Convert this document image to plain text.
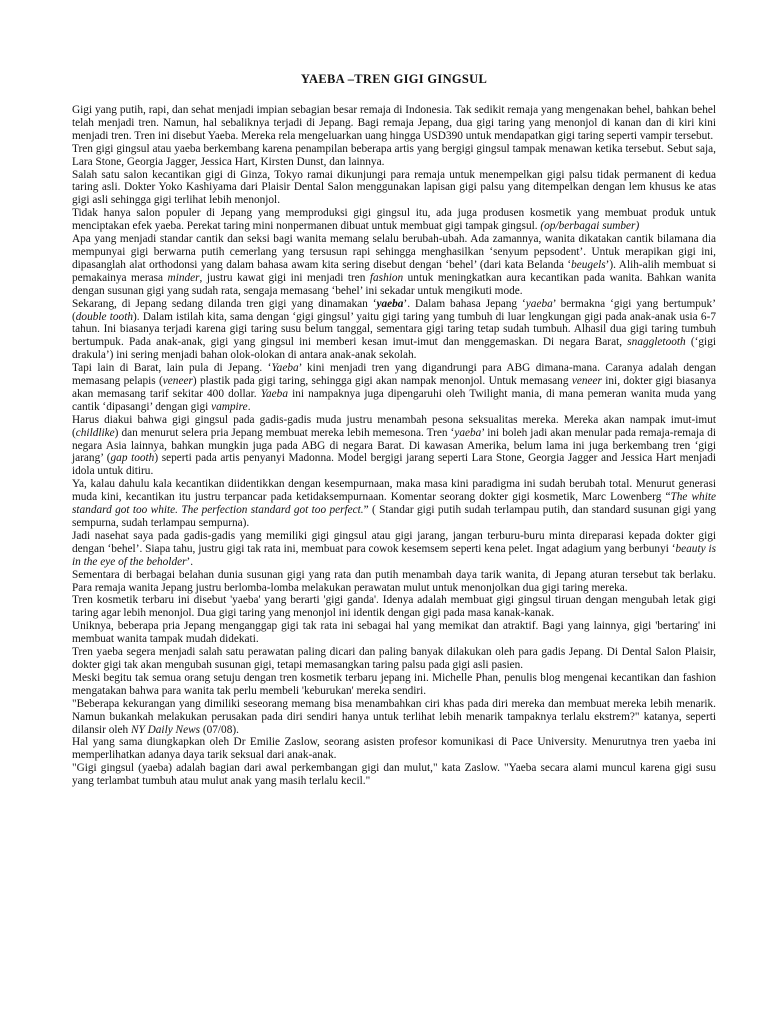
YAEBA –TREN GIGI GINGSUL

Gigi yang putih, rapi, dan sehat menjadi impian sebagian besar remaja di Indonesia. Tak sedikit remaja yang mengenakan behel, bahkan behel telah menjadi tren. Namun, hal sebaliknya terjadi di Jepang. Bagi remaja Jepang, dua gigi taring yang menonjol di kanan dan di kiri kini menjadi tren. Tren ini disebut Yaeba. Mereka rela mengeluarkan uang hingga USD390 untuk mendapatkan gigi taring seperti vampir tersebut.

Tren gigi gingsul atau yaeba berkembang karena penampilan beberapa artis yang bergigi gingsul tampak menawan ketika tersebut. Sebut saja, Lara Stone, Georgia Jagger, Jessica Hart, Kirsten Dunst, dan lainnya.

Salah satu salon kecantikan gigi di Ginza, Tokyo ramai dikunjungi para remaja untuk menempelkan gigi palsu tidak permanent di kedua taring asli. Dokter Yoko Kashiyama dari Plaisir Dental Salon menggunakan lapisan gigi palsu yang ditempelkan dengan lem khusus ke atas gigi asli sehingga gigi terlihat lebih menonjol.

Tidak hanya salon populer di Jepang yang memproduksi gigi gingsul itu, ada juga produsen kosmetik yang membuat produk untuk menciptakan efek yaeba. Perekat taring mini nonpermanen dibuat untuk membuat gigi tampak gingsul. (op/berbagai sumber)

Apa yang menjadi standar cantik dan seksi bagi wanita memang selalu berubah-ubah. Ada zamannya, wanita dikatakan cantik bilamana dia mempunyai gigi berwarna putih cemerlang yang tersusun rapi sehingga menghasilkan ‘senyum pepsodent’. Untuk merapikan gigi ini, dipasanglah alat orthodonsi yang dalam bahasa awam kita sering disebut dengan ‘behel’ (dari kata Belanda ‘beugels’). Alih-alih membuat si pemakainya merasa minder, justru kawat gigi ini menjadi tren fashion untuk meningkatkan aura kecantikan pada wanita. Bahkan wanita dengan susunan gigi yang sudah rata, sengaja memasang ‘behel’ ini sekadar untuk mengikuti mode.

Sekarang, di Jepang sedang dilanda tren gigi yang dinamakan ‘yaeba’. Dalam bahasa Jepang ‘yaeba’ bermakna ‘gigi yang bertumpuk’ (double tooth). Dalam istilah kita, sama dengan ‘gigi gingsul’ yaitu gigi taring yang tumbuh di luar lengkungan gigi pada anak-anak usia 6-7 tahun. Ini biasanya terjadi karena gigi taring susu belum tanggal, sementara gigi taring tetap sudah tumbuh. Alhasil dua gigi taring tumbuh bertumpuk. Pada anak-anak, gigi yang gingsul ini memberi kesan imut-imut dan menggemaskan. Di negara Barat, snaggletooth (‘gigi drakula’) ini sering menjadi bahan olok-olokan di antara anak-anak sekolah.

Tapi lain di Barat, lain pula di Jepang. ‘Yaeba’ kini menjadi tren yang digandrungi para ABG dimana-mana. Caranya adalah dengan memasang pelapis (veneer) plastik pada gigi taring, sehingga gigi akan nampak menonjol. Untuk memasang veneer ini, dokter gigi biasanya akan memasang tarif sekitar 400 dollar. Yaeba ini nampaknya juga dipengaruhi oleh Twilight mania, di mana pemeran wanita muda yang cantik ‘dipasangi’ dengan gigi vampire.

Harus diakui bahwa gigi gingsul pada gadis-gadis muda justru menambah pesona seksualitas mereka. Mereka akan nampak imut-imut (childlike) dan menurut selera pria Jepang membuat mereka lebih memesona. Tren ‘yaeba’ ini boleh jadi akan menular pada remaja-remaja di negara Asia lainnya, bahkan mungkin juga pada ABG di negara Barat. Di kawasan Amerika, belum lama ini juga berkembang tren ‘gigi jarang’ (gap tooth) seperti pada artis penyanyi Madonna. Model bergigi jarang seperti Lara Stone, Georgia Jagger and Jessica Hart menjadi idola untuk ditiru.

Ya, kalau dahulu kala kecantikan diidentikkan dengan kesempurnaan, maka masa kini paradigma ini sudah berubah total. Menurut generasi muda kini, kecantikan itu justru terpancar pada ketidaksempurnaan. Komentar seorang dokter gigi kosmetik, Marc Lowenberg “The white standard got too white. The perfection standard got too perfect.” ( Standar gigi putih sudah terlampau putih, dan standard susunan gigi yang sempurna, sudah terlampau sempurna).

Jadi nasehat saya pada gadis-gadis yang memiliki gigi gingsul atau gigi jarang, jangan terburu-buru minta direparasi kepada dokter gigi dengan ‘behel’. Siapa tahu, justru gigi tak rata ini, membuat para cowok kesemsem seperti kena pelet. Ingat adagium yang berbunyi ‘beauty is in the eye of the beholder’.

Sementara di berbagai belahan dunia susunan gigi yang rata dan putih menambah daya tarik wanita, di Jepang aturan tersebut tak berlaku. Para remaja wanita Jepang justru berlomba-lomba melakukan perawatan mulut untuk menonjolkan dua gigi taring mereka.

Tren kosmetik terbaru ini disebut 'yaeba' yang berarti 'gigi ganda'. Idenya adalah membuat gigi gingsul tiruan dengan mengubah letak gigi taring agar lebih menonjol. Dua gigi taring yang menonjol ini identik dengan gigi pada masa kanak-kanak.

Uniknya, beberapa pria Jepang menganggap gigi tak rata ini sebagai hal yang memikat dan atraktif. Bagi yang lainnya, gigi 'bertaring' ini membuat wanita tampak mudah didekati.

Tren yaeba segera menjadi salah satu perawatan paling dicari dan paling banyak dilakukan oleh para gadis Jepang. Di Dental Salon Plaisir, dokter gigi tak akan mengubah susunan gigi, tetapi memasangkan taring palsu pada gigi asli pasien.

Meski begitu tak semua orang setuju dengan tren kosmetik terbaru jepang ini. Michelle Phan, penulis blog mengenai kecantikan dan fashion mengatakan bahwa para wanita tak perlu membeli 'keburukan' mereka sendiri.

"Beberapa kekurangan yang dimiliki seseorang memang bisa menambahkan ciri khas pada diri mereka dan membuat mereka lebih menarik. Namun bukankah melakukan perusakan pada diri sendiri hanya untuk terlihat lebih menarik tampaknya terlalu ekstrem?" katanya, seperti dilansir oleh NY Daily News (07/08).

Hal yang sama diungkapkan oleh Dr Emilie Zaslow, seorang asisten profesor komunikasi di Pace University. Menurutnya tren yaeba ini memperlihatkan adanya daya tarik seksual dari anak-anak.

"Gigi gingsul (yaeba) adalah bagian dari awal perkembangan gigi dan mulut," kata Zaslow. "Yaeba secara alami muncul karena gigi susu yang terlambat tumbuh atau mulut anak yang masih terlalu kecil."
